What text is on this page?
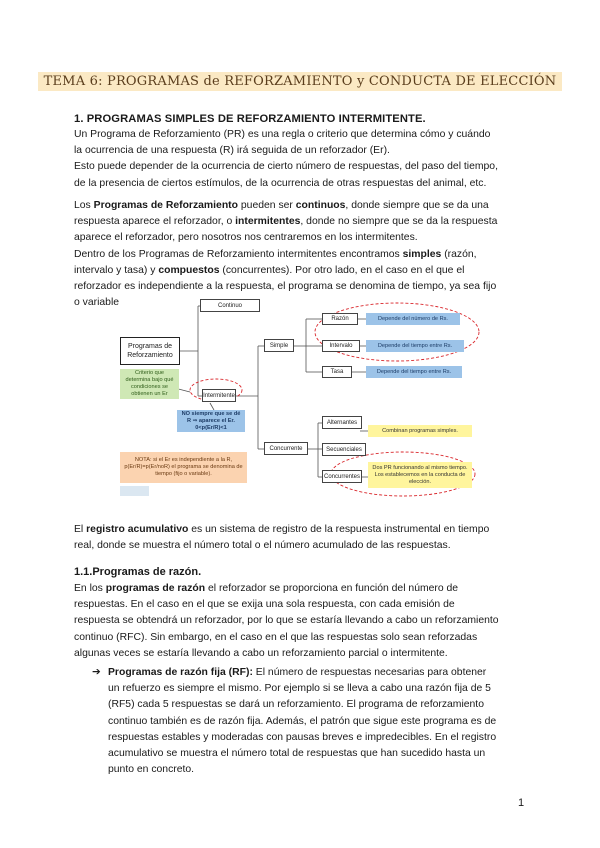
TEMA 6: PROGRAMAS de REFORZAMIENTO y CONDUCTA DE ELECCIÓN
1. PROGRAMAS SIMPLES DE REFORZAMIENTO INTERMITENTE.
Un Programa de Reforzamiento (PR) es una regla o criterio que determina cómo y cuándo
la ocurrencia de una respuesta (R) irá seguida de un reforzador (Er).
Esto puede depender de la ocurrencia de cierto número de respuestas, del paso del tiempo,
de la presencia de ciertos estímulos, de la ocurrencia de otras respuestas del animal, etc.
Los Programas de Reforzamiento pueden ser continuos, donde siempre que se da una
respuesta aparece el reforzador, o intermitentes, donde no siempre que se da la respuesta
aparece el reforzador, pero nosotros nos centraremos en los intermitentes.
Dentro de los Programas de Reforzamiento intermitentes encontramos simples (razón,
intervalo y tasa) y compuestos (concurrentes). Por otro lado, en el caso en el que el
reforzador es independiente a la respuesta, el programa se denomina de tiempo, ya sea fijo
o variable	Continuo
Programas de Reforzamiento
Criterio que determina bajo qué condiciones se obtienen un Er	Intermitente
NO siempre que se dé R ⇒ aparece el Er. 0<p(Er/R)<1
NOTA: si el Er es independiente a la R, p(Er/R)=p(Er/noR) el programa se denomina de tiempo (fijo o variable).
Simple
Razón	Depende del número de Rs.
Intervalo	Depende del tiempo entre Rs.
Tasa	Depende del tiempo entre Rs.
Concurrente
Alternantes
Secuenciales
Concurrentes
Combinan programas simples.
Dos PR funcionando al mismo tiempo. Los establecemos en la conducta de elección.
El registro acumulativo es un sistema de registro de la respuesta instrumental en tiempo
real, donde se muestra el número total o el número acumulado de las respuestas.
1.1.Programas de razón.
En los programas de razón el reforzador se proporciona en función del número de
respuestas. En el caso en el que se exija una sola respuesta, con cada emisión de
respuesta se obtendrá un reforzador, por lo que se estaría llevando a cabo un reforzamiento
continuo (RFC). Sin embargo, en el caso en el que las respuestas solo sean reforzadas
algunas veces se estaría llevando a cabo un reforzamiento parcial o intermitente.
➔ Programas de razón fija (RF): El número de respuestas necesarias para obtener
un refuerzo es siempre el mismo. Por ejemplo si se lleva a cabo una razón fija de 5
(RF5) cada 5 respuestas se dará un reforzamiento. El programa de reforzamiento
continuo también es de razón fija. Además, el patrón que sigue este programa es de
respuestas estables y moderadas con pausas breves e impredecibles. En el registro
acumulativo se muestra el número total de respuestas que han sucedido hasta un
punto en concreto.
1
